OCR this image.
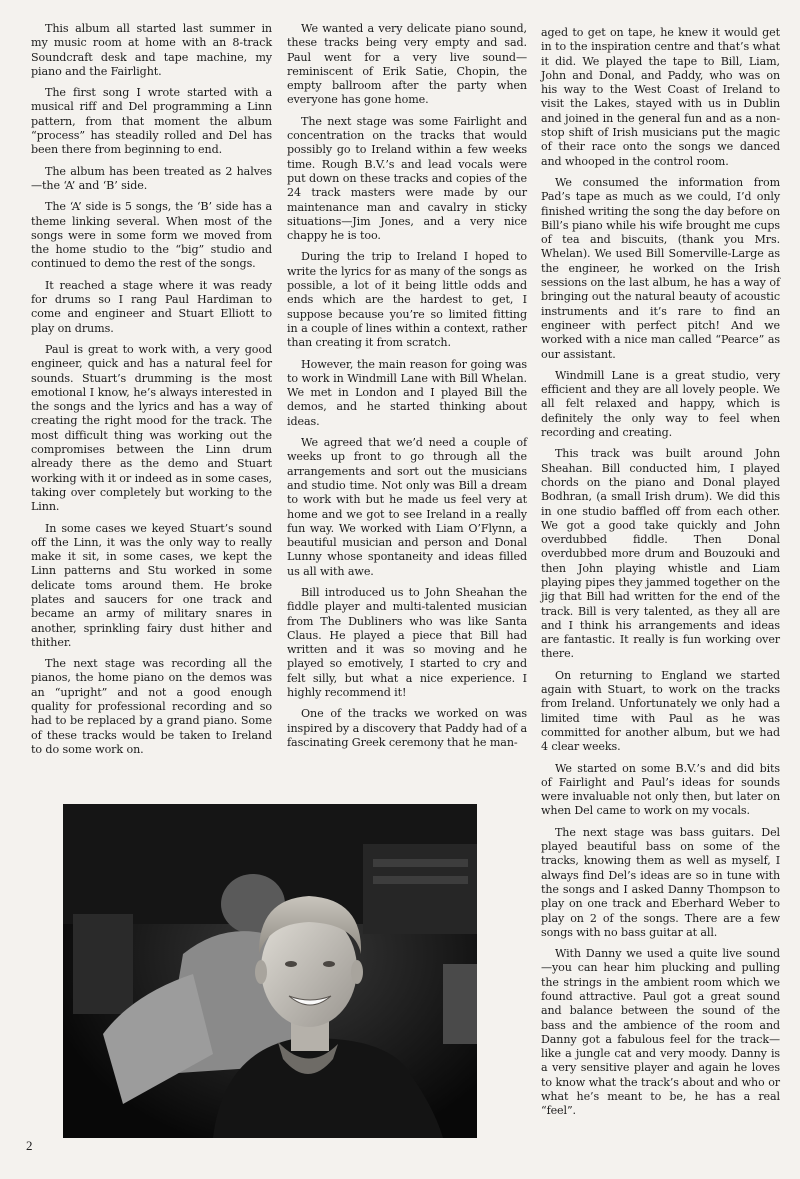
This album all started last summer in my music room at home with an 8-track Soundcraft desk and tape machine, my piano and the Fairlight.

The first song I wrote started with a musical riff and Del programming a Linn pattern, from that moment the album “process” has steadily rolled and Del has been there from beginning to end.

The album has been treated as 2 halves—the ‘A’ and ‘B’ side.

The ‘A’ side is 5 songs, the ‘B’ side has a theme linking several. When most of the songs were in some form we moved from the home studio to the “big” studio and continued to demo the rest of the songs.

It reached a stage where it was ready for drums so I rang Paul Hardiman to come and engineer and Stuart Elliott to play on drums.

Paul is great to work with, a very good engineer, quick and has a natural feel for sounds. Stuart’s drumming is the most emotional I know, he’s always interested in the songs and the lyrics and has a way of creating the right mood for the track. The most difficult thing was working out the compromises between the Linn drum already there as the demo and Stuart working with it or indeed as in some cases, taking over completely but working to the Linn.

In some cases we keyed Stuart’s sound off the Linn, it was the only way to really make it sit, in some cases, we kept the Linn patterns and Stu worked in some delicate toms around them. He broke plates and saucers for one track and became an army of military snares in another, sprinkling fairy dust hither and thither.

The next stage was recording all the pianos, the home piano on the demos was an “upright” and not a good enough quality for professional recording and so had to be replaced by a grand piano. Some of these tracks would be taken to Ireland to do some work on.

We wanted a very delicate piano sound, these tracks being very empty and sad. Paul went for a very live sound—reminiscent of Erik Satie, Chopin, the empty ballroom after the party when everyone has gone home.

The next stage was some Fairlight and concentration on the tracks that would possibly go to Ireland within a few weeks time. Rough B.V.’s and lead vocals were put down on these tracks and copies of the 24 track masters were made by our maintenance man and cavalry in sticky situations—Jim Jones, and a very nice chappy he is too.

During the trip to Ireland I hoped to write the lyrics for as many of the songs as possible, a lot of it being little odds and ends which are the hardest to get, I suppose because you’re so limited fitting in a couple of lines within a context, rather than creating it from scratch.

However, the main reason for going was to work in Windmill Lane with Bill Whelan. We met in London and I played Bill the demos, and he started thinking about ideas.

We agreed that we’d need a couple of weeks up front to go through all the arrangements and sort out the musicians and studio time. Not only was Bill a dream to work with but he made us feel very at home and we got to see Ireland in a really fun way. We worked with Liam O’Flynn, a beautiful musician and person and Donal Lunny whose spontaneity and ideas filled us all with awe.

Bill introduced us to John Sheahan the fiddle player and multi-talented musician from The Dubliners who was like Santa Claus. He played a piece that Bill had written and it was so moving and he played so emotively, I started to cry and felt silly, but what a nice experience. I highly recommend it!

One of the tracks we worked on was inspired by a discovery that Paddy had of a fascinating Greek ceremony that he man-

aged to get on tape, he knew it would get in to the inspiration centre and that’s what it did. We played the tape to Bill, Liam, John and Donal, and Paddy, who was on his way to the West Coast of Ireland to visit the Lakes, stayed with us in Dublin and joined in the general fun and as a non-stop shift of Irish musicians put the magic of their race onto the songs we danced and whooped in the control room.

We consumed the information from Pad’s tape as much as we could, I’d only finished writing the song the day before on Bill’s piano while his wife brought me cups of tea and biscuits, (thank you Mrs. Whelan). We used Bill Somerville-Large as the engineer, he worked on the Irish sessions on the last album, he has a way of bringing out the natural beauty of acoustic instruments and it’s rare to find an engineer with perfect pitch! And we worked with a nice man called “Pearce” as our assistant.

Windmill Lane is a great studio, very efficient and they are all lovely people. We all felt relaxed and happy, which is definitely the only way to feel when recording and creating.

This track was built around John Sheahan. Bill conducted him, I played chords on the piano and Donal played Bodhran, (a small Irish drum). We did this in one studio baffled off from each other. We got a good take quickly and John overdubbed fiddle. Then Donal overdubbed more drum and Bouzouki and then John playing whistle and Liam playing pipes they jammed together on the jig that Bill had written for the end of the track. Bill is very talented, as they all are and I think his arrangements and ideas are fantastic. It really is fun working over there.

On returning to England we started again with Stuart, to work on the tracks from Ireland. Unfortunately we only had a limited time with Paul as he was committed for another album, but we had 4 clear weeks.

We started on some B.V.’s and did bits of Fairlight and Paul’s ideas for sounds were invaluable not only then, but later on when Del came to work on my vocals.

The next stage was bass guitars. Del played beautiful bass on some of the tracks, knowing them as well as myself, I always find Del’s ideas are so in tune with the songs and I asked Danny Thompson to play on one track and Eberhard Weber to play on 2 of the songs. There are a few songs with no bass guitar at all.

With Danny we used a quite live sound—you can hear him plucking and pulling the strings in the ambient room which we found attractive. Paul got a great sound and balance between the sound of the bass and the ambience of the room and Danny got a fabulous feel for the track—like a jungle cat and very moody. Danny is a very sensitive player and again he loves to know what the track’s about and who or what he’s meant to be, he has a real “feel”.

2
